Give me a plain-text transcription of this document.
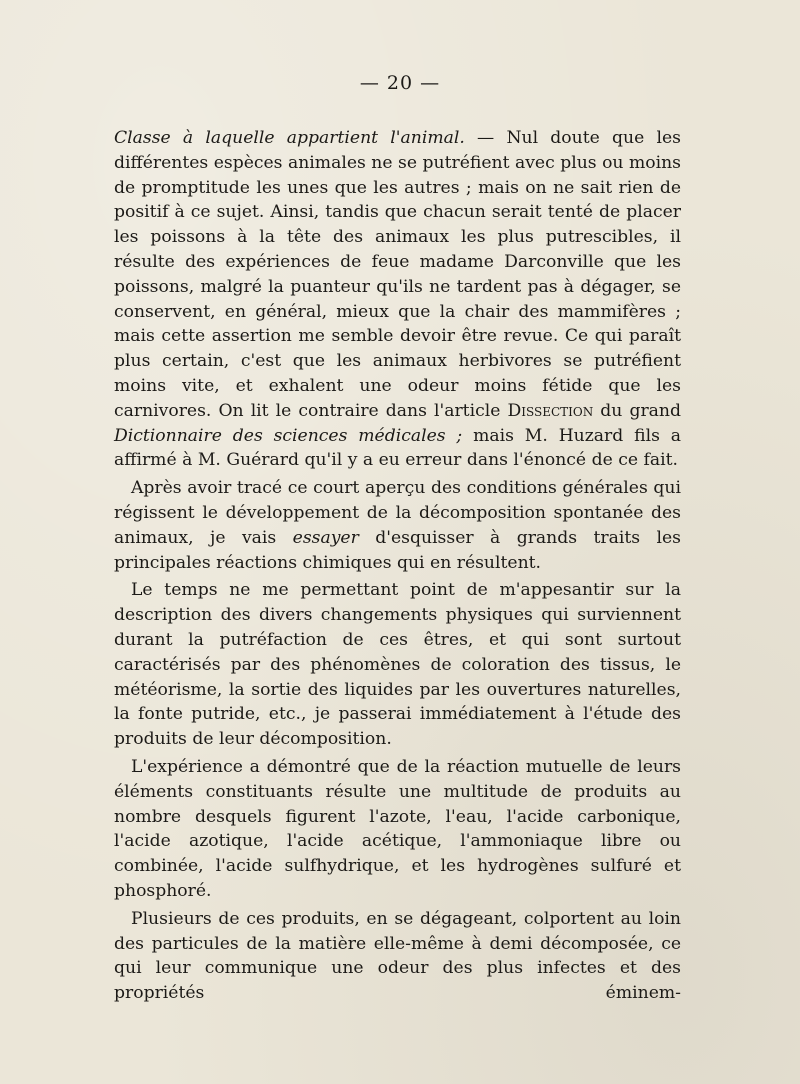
— 20 —

Classe à laquelle appartient l'animal. — Nul doute que les différentes espèces animales ne se putréfient avec plus ou moins de promptitude les unes que les autres ; mais on ne sait rien de positif à ce sujet. Ainsi, tandis que chacun serait tenté de placer les poissons à la tête des animaux les plus putrescibles, il résulte des expériences de feue madame Darconville que les poissons, malgré la puanteur qu'ils ne tardent pas à dégager, se conservent, en général, mieux que la chair des mammifères ; mais cette assertion me semble devoir être revue. Ce qui paraît plus certain, c'est que les animaux herbivores se putréfient moins vite, et exhalent une odeur moins fétide que les carnivores. On lit le contraire dans l'article Dissection du grand Dictionnaire des sciences médicales ; mais M. Huzard fils a affirmé à M. Guérard qu'il y a eu erreur dans l'énoncé de ce fait.

Après avoir tracé ce court aperçu des conditions générales qui régissent le développement de la décomposition spontanée des animaux, je vais essayer d'esquisser à grands traits les principales réactions chimiques qui en résultent.

Le temps ne me permettant point de m'appesantir sur la description des divers changements physiques qui surviennent durant la putréfaction de ces êtres, et qui sont surtout caractérisés par des phénomènes de coloration des tissus, le météorisme, la sortie des liquides par les ouvertures naturelles, la fonte putride, etc., je passerai immédiatement à l'étude des produits de leur décomposition.

L'expérience a démontré que de la réaction mutuelle de leurs éléments constituants résulte une multitude de produits au nombre desquels figurent l'azote, l'eau, l'acide carbonique, l'acide azotique, l'acide acétique, l'ammoniaque libre ou combinée, l'acide sulfhydrique, et les hydrogènes sulfuré et phosphoré.

Plusieurs de ces produits, en se dégageant, colportent au loin des particules de la matière elle-même à demi décomposée, ce qui leur communique une odeur des plus infectes et des propriétés éminem-
